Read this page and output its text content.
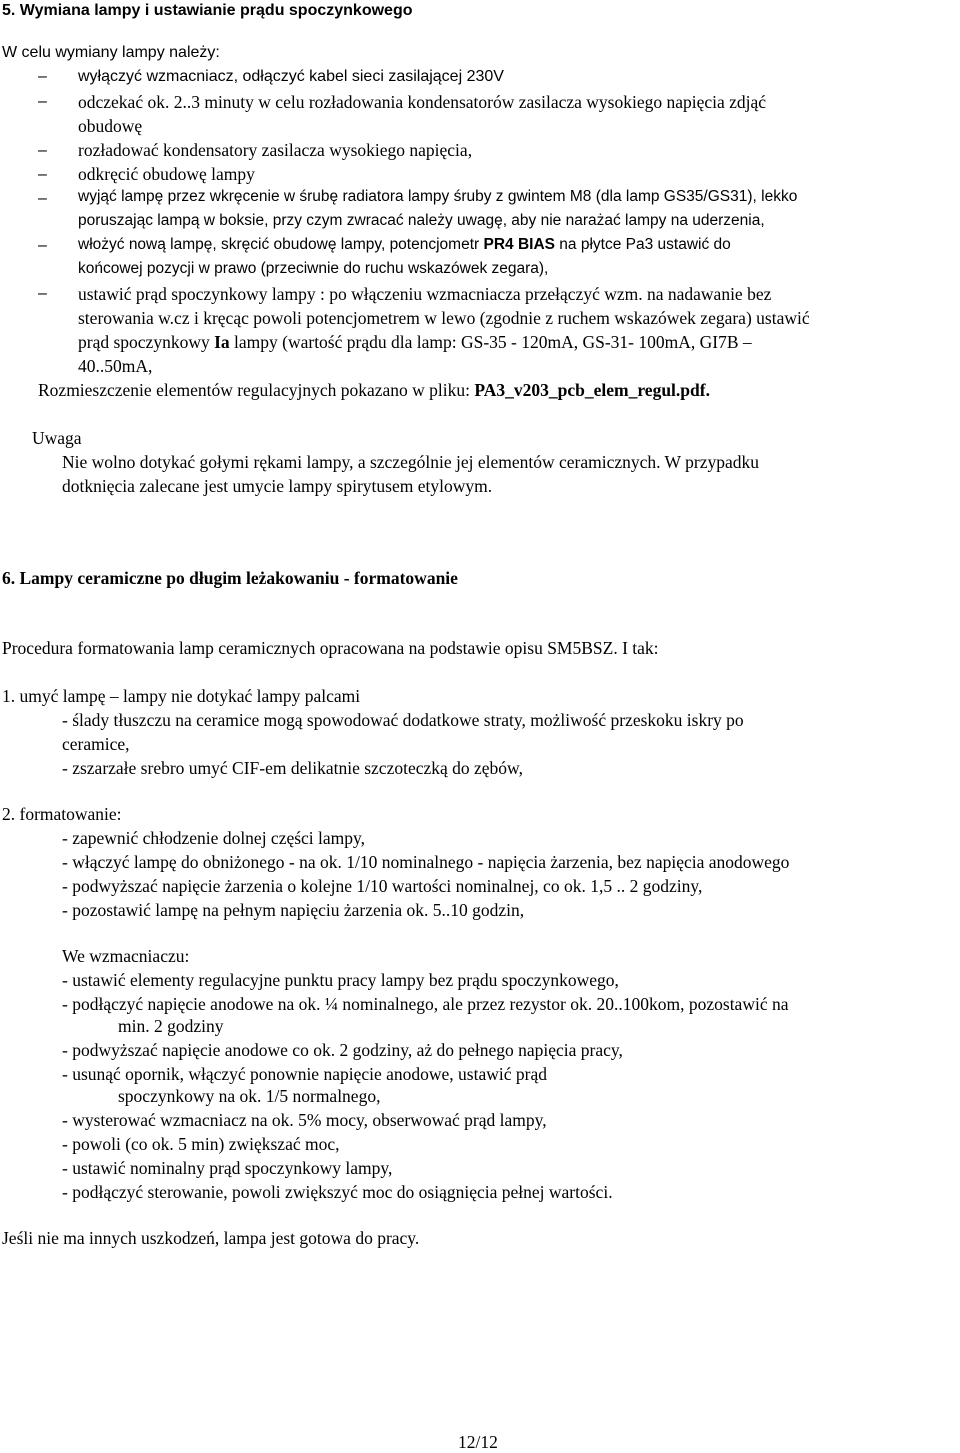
5. Wymiana lampy i ustawianie prądu spoczynkowego
W celu wymiany lampy należy:
– wyłączyć wzmacniacz, odłączyć kabel sieci zasilającej 230V
– odczekać ok. 2..3 minuty w celu rozładowania kondensatorów zasilacza wysokiego napięcia zdjąć
obudowę
– rozładować kondensatory zasilacza wysokiego napięcia,
– odkręcić obudowę lampy
– wyjąć lampę przez wkręcenie w śrubę radiatora lampy śruby z gwintem M8 (dla lamp GS35/GS31), lekko
poruszając lampą w boksie, przy czym zwracać należy uwagę, aby nie narażać lampy na uderzenia,
– włożyć nową lampę, skręcić obudowę lampy, potencjometr PR4 BIAS na płytce Pa3 ustawić do
końcowej pozycji w prawo (przeciwnie do ruchu wskazówek zegara),
– ustawić prąd spoczynkowy lampy : po włączeniu wzmacniacza przełączyć wzm. na nadawanie bez
sterowania w.cz i kręcąc powoli potencjometrem w lewo (zgodnie z ruchem wskazówek zegara) ustawić
prąd spoczynkowy Ia lampy (wartość prądu dla lamp: GS-35 - 120mA, GS-31- 100mA, GI7B –
40..50mA,
Rozmieszczenie elementów regulacyjnych pokazano w pliku: PA3_v203_pcb_elem_regul.pdf.
Uwaga
Nie wolno dotykać gołymi rękami lampy, a szczególnie jej elementów ceramicznych. W przypadku
dotknięcia zalecane jest umycie lampy spirytusem etylowym.
6. Lampy ceramiczne po długim leżakowaniu - formatowanie
Procedura formatowania lamp ceramicznych opracowana na podstawie opisu SM5BSZ. I tak:
1. umyć lampę – lampy nie dotykać lampy palcami
- ślady tłuszczu na ceramice mogą spowodować dodatkowe straty, możliwość przeskoku iskry po
ceramice,
- zszarzałe srebro umyć CIF-em delikatnie szczoteczką do zębów,
2. formatowanie:
- zapewnić chłodzenie dolnej części lampy,
- włączyć lampę do obniżonego - na ok. 1/10 nominalnego - napięcia żarzenia, bez napięcia anodowego
- podwyższać napięcie żarzenia o kolejne 1/10 wartości nominalnej, co ok. 1,5 .. 2 godziny,
- pozostawić lampę na pełnym napięciu żarzenia ok. 5..10 godzin,
We wzmacniaczu:
- ustawić elementy regulacyjne punktu pracy lampy bez prądu spoczynkowego,
- podłączyć napięcie anodowe na ok. ¼ nominalnego, ale przez rezystor ok. 20..100kom, pozostawić na
min. 2 godziny
- podwyższać napięcie anodowe co ok. 2 godziny, aż do pełnego napięcia pracy,
- usunąć opornik, włączyć ponownie napięcie anodowe, ustawić prąd
spoczynkowy na ok. 1/5 normalnego,
- wysterować wzmacniacz na ok. 5% mocy, obserwować prąd lampy,
- powoli (co ok. 5 min) zwiększać moc,
- ustawić nominalny prąd spoczynkowy lampy,
- podłączyć sterowanie, powoli zwiększyć moc do osiągnięcia pełnej wartości.
Jeśli nie ma innych uszkodzeń, lampa jest gotowa do pracy.
12/12
